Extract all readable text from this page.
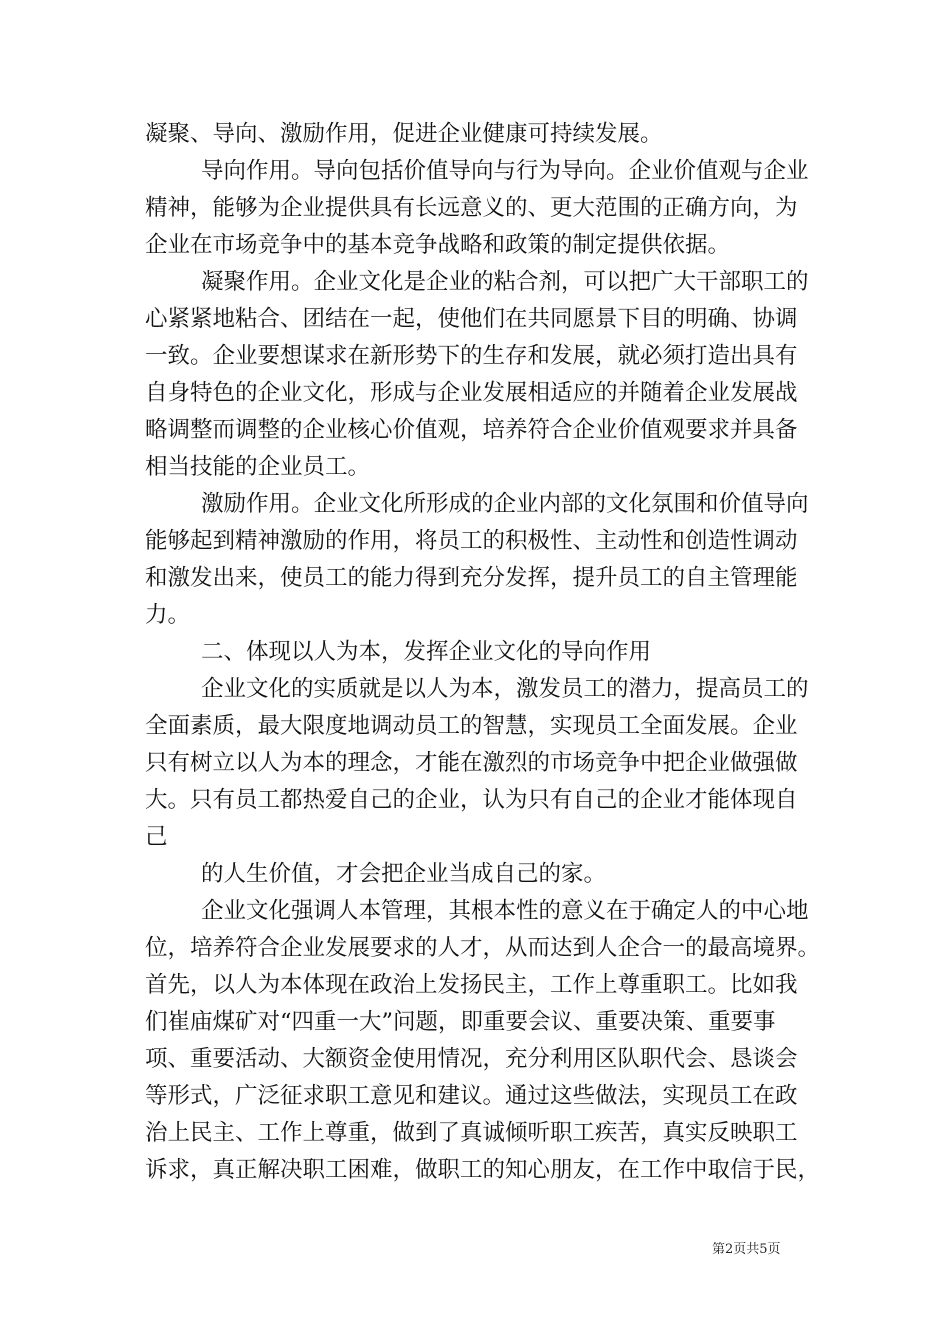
凝聚、导向、激励作用，促进企业健康可持续发展。
导向作用。导向包括价值导向与行为导向。企业价值观与企业
精神，能够为企业提供具有长远意义的、更大范围的正确方向，为
企业在市场竞争中的基本竞争战略和政策的制定提供依据。
凝聚作用。企业文化是企业的粘合剂，可以把广大干部职工的
心紧紧地粘合、团结在一起，使他们在共同愿景下目的明确、协调
一致。企业要想谋求在新形势下的生存和发展，就必须打造出具有
自身特色的企业文化，形成与企业发展相适应的并随着企业发展战
略调整而调整的企业核心价值观，培养符合企业价值观要求并具备
相当技能的企业员工。
激励作用。企业文化所形成的企业内部的文化氛围和价值导向
能够起到精神激励的作用，将员工的积极性、主动性和创造性调动
和激发出来，使员工的能力得到充分发挥，提升员工的自主管理能
力。
二、体现以人为本，发挥企业文化的导向作用
企业文化的实质就是以人为本，激发员工的潜力，提高员工的
全面素质，最大限度地调动员工的智慧，实现员工全面发展。企业
只有树立以人为本的理念，才能在激烈的市场竞争中把企业做强做
大。只有员工都热爱自己的企业，认为只有自己的企业才能体现自
己
的人生价值，才会把企业当成自己的家。
企业文化强调人本管理，其根本性的意义在于确定人的中心地
位，培养符合企业发展要求的人才，从而达到人企合一的最高境界。
首先，以人为本体现在政治上发扬民主，工作上尊重职工。比如我
们崔庙煤矿对“四重一大”问题，即重要会议、重要决策、重要事
项、重要活动、大额资金使用情况，充分利用区队职代会、恳谈会
等形式，广泛征求职工意见和建议。通过这些做法，实现员工在政
治上民主、工作上尊重，做到了真诚倾听职工疾苦，真实反映职工
诉求，真正解决职工困难，做职工的知心朋友，在工作中取信于民，
第2页共5页
